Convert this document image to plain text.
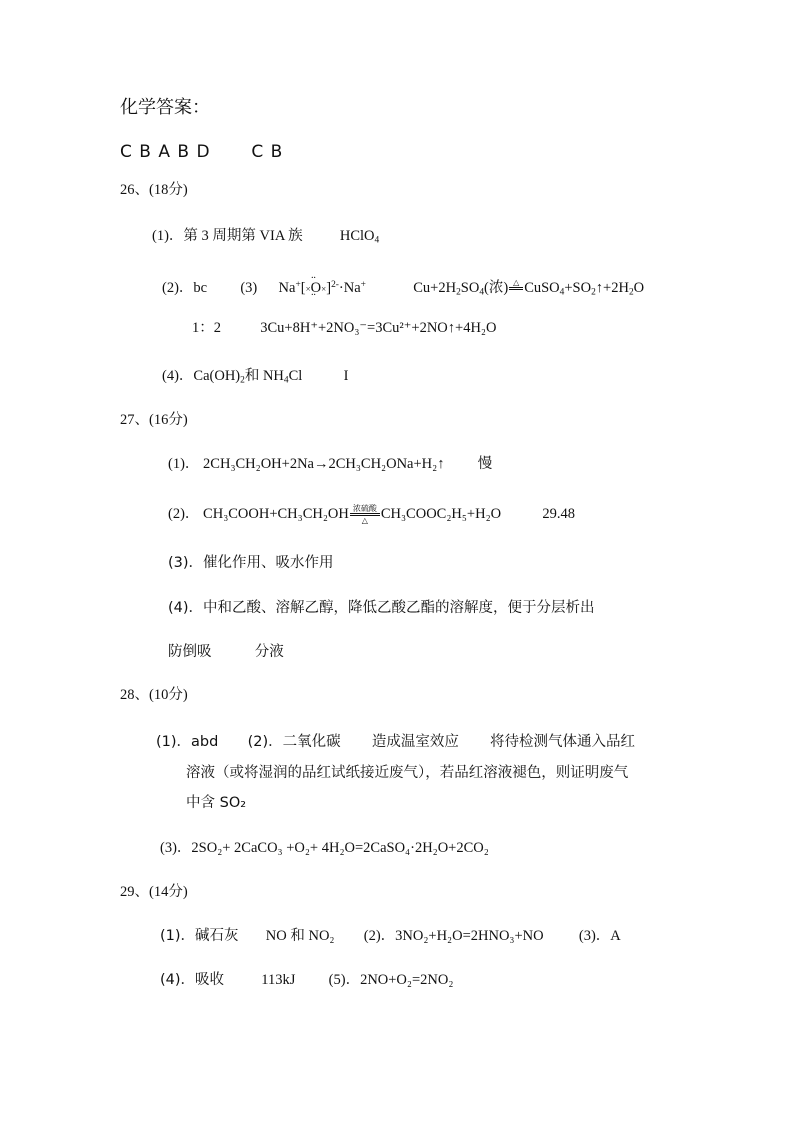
化学答案：
C B A B D C B
26、(18分)
(1)．第 3 周期第 VIA 族	HClO$_4$
(2)．bc (3) $Na^+[\times\cdot\cdot O \cdot\cdot\times]^{2-}\cdot Na^+$	$Cu+2H_2SO_4$(浓) △
$CuSO_4+SO_2↑+2H_2O$
1：2	3Cu+8H⁺+2NO₃⁻=3Cu²⁺+2NO↑+4H₂O
(4)．$Ca(OH)_2$和 $NH_4Cl$	I
27、(16分)
(1)． 2CH₃CH₂OH+2Na→2CH₃CH₂ONa+H₂↑ 慢
(2)． CH₃COOH+CH₃CH₂OH 浓硫酸
△ CH₃COOC₂H₅+H₂O	29.48
(3)．催化作用、吸水作用
(4)．中和乙酸、溶解乙醇，降低乙酸乙酯的溶解度，便于分层析出
防倒吸	分液
28、(10分)
(1)．abd (2)．二氧化碳 造成温室效应 将待检测气体通入品红
溶液（或将湿润的品红试纸接近废气），若品红溶液褪色，则证明废气
中含 SO₂
(3)．2SO₂+ 2CaCO₃ +O₂+ 4H₂O=2CaSO₄·2H₂O+2CO₂
29、(14分)
(1)．碱石灰 NO 和 NO₂ (2)．3NO₂+H₂O=2HNO₃+NO (3)．A
(4)．吸收	113kJ (5)．2NO+O₂=2NO₂
